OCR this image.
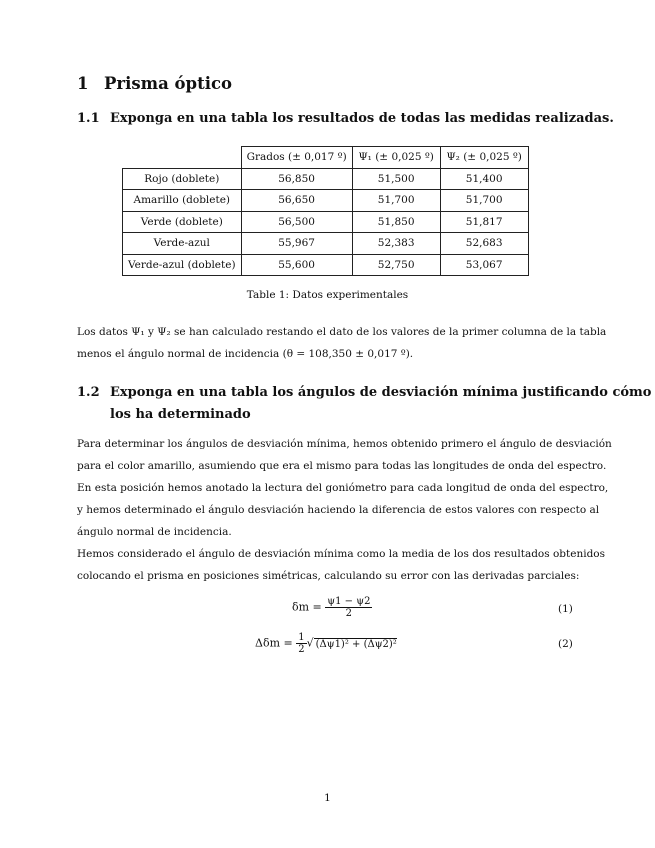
1 Prisma óptico
1.1 Exponga en una tabla los resultados de todas las medidas realizadas.
	Grados (± 0,017 º)	Ψ₁ (± 0,025 º)	Ψ₂ (± 0,025 º)
Rojo (doblete)	56,850	51,500	51,400
Amarillo (doblete)	56,650	51,700	51,700
Verde (doblete)	56,500	51,850	51,817
Verde-azul	55,967	52,383	52,683
Verde-azul (doblete)	55,600	52,750	53,067
Table 1: Datos experimentales
Los datos Ψ₁ y Ψ₂ se han calculado restando el dato de los valores de la primer columna de la tabla
menos el ángulo normal de incidencia (θ = 108,350 ± 0,017 º).
1.2 Exponga en una tabla los ángulos de desviación mínima justificando cómo
los ha determinado
Para determinar los ángulos de desviación mínima, hemos obtenido primero el ángulo de desviación
para el color amarillo, asumiendo que era el mismo para todas las longitudes de onda del espectro.
En esta posición hemos anotado la lectura del goniómetro para cada longitud de onda del espectro,
y hemos determinado el ángulo desviación haciendo la diferencia de estos valores con respecto al
ángulo normal de incidencia.
Hemos considerado el ángulo de desviación mínima como la media de los dos resultados obtenidos
colocando el prisma en posiciones simétricas, calculando su error con las derivadas parciales:
$\delta m = \frac{\psi 1 - \psi 2}{2}$	(1)
$\Delta\delta m = \frac{1}{2}$ √ (Δψ1)² + (Δψ2)²	(2)
1
